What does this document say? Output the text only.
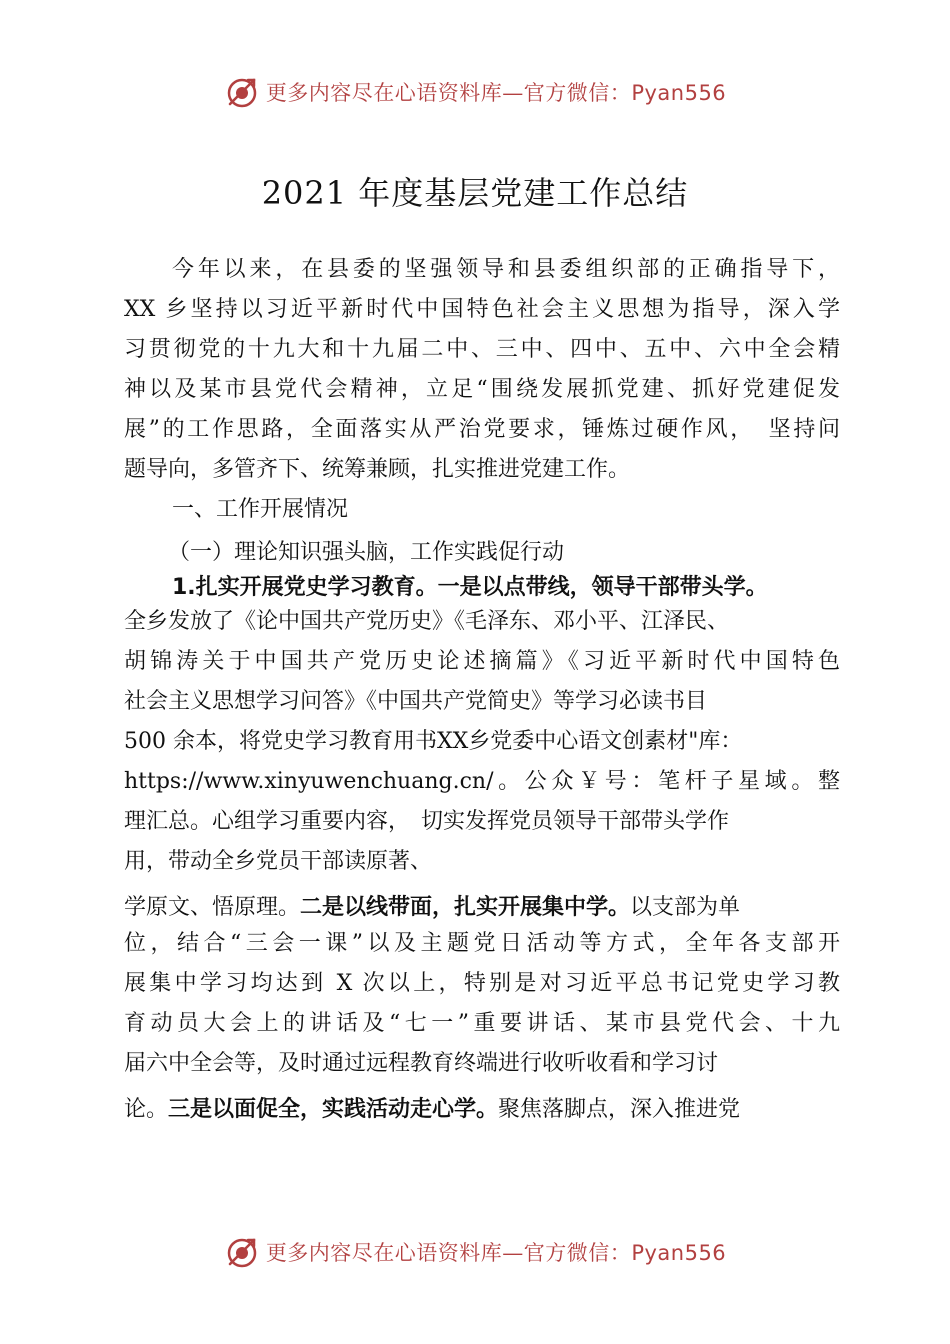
更多内容尽在心语资料库—官方微信：Pyan556
2021 年度基层党建工作总结
今年以来，在县委的坚强领导和县委组织部的正确指导下，
XX 乡坚持以习近平新时代中国特色社会主义思想为指导，深入学
习贯彻党的十九大和十九届二中、三中、四中、五中、六中全会精
神以及某市县党代会精神，立足“围绕发展抓党建、抓好党建促发
展”的工作思路，全面落实从严治党要求，锤炼过硬作风，　坚持问
题导向，多管齐下、统筹兼顾，扎实推进党建工作。
一、工作开展情况
（一）理论知识强头脑，工作实践促行动
1.扎实开展党史学习教育。一是以点带线，领导干部带头学。
全乡发放了《论中国共产党历史》《毛泽东、邓小平、江泽民、
胡锦涛关于中国共产党历史论述摘篇》《习近平新时代中国特色
社会主义思想学习问答》《中国共产党简史》等学习必读书目
500 余本，将党史学习教育用书XX乡党委中心语文创素材"库：
https://www.xinyuwenchuang.cn/。公众￥号：笔杆子星域。整
理汇总。心组学习重要内容，　切实发挥党员领导干部带头学作
用，带动全乡党员干部读原著、
学原文、悟原理。二是以线带面，扎实开展集中学。以支部为单
位，结合“三会一课”以及主题党日活动等方式，全年各支部开
展集中学习均达到 X 次以上，特别是对习近平总书记党史学习教
育动员大会上的讲话及“七一”重要讲话、某市县党代会、十九
届六中全会等，及时通过远程教育终端进行收听收看和学习讨
论。三是以面促全，实践活动走心学。聚焦落脚点，深入推进党
更多内容尽在心语资料库—官方微信：Pyan556
